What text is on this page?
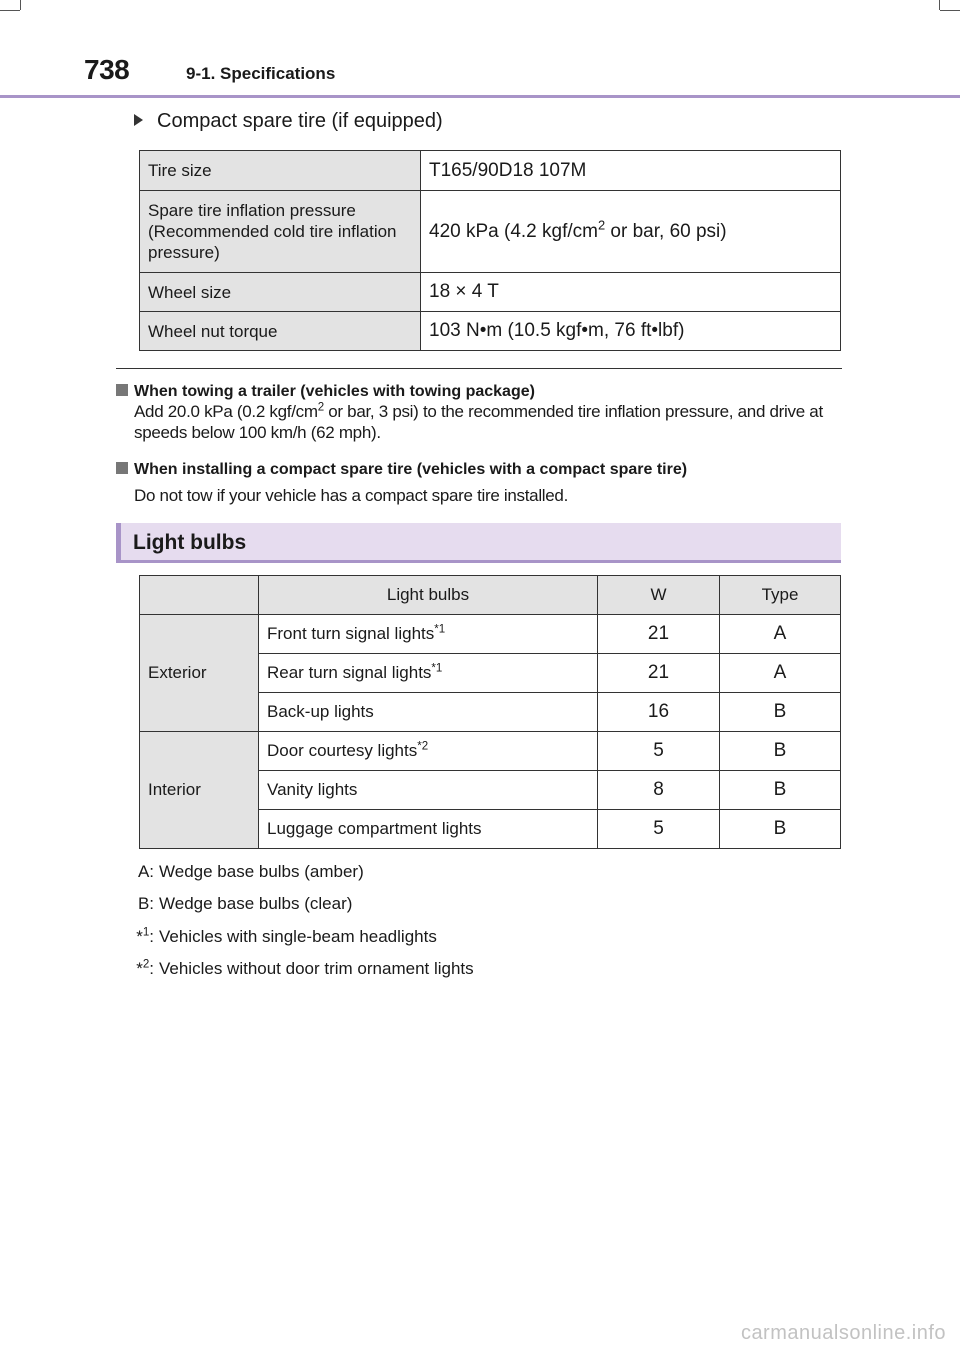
738	9-1. Specifications
Compact spare tire (if equipped)
Tire size	T165/90D18 107M
Spare tire inflation pressure (Recommended cold tire inflation pressure)	420 kPa (4.2 kgf/$cm^2$ or bar, 60 psi)
Wheel size	18 × 4 T
Wheel nut torque	103 N•m (10.5 kgf•m, 76 ft•lbf)
When towing a trailer (vehicles with towing package)
Add 20.0 kPa (0.2 kgf/$cm^2$ or bar, 3 psi) to the recommended tire inflation pressure, and drive at speeds below 100 km/h (62 mph).
When installing a compact spare tire (vehicles with a compact spare tire)
Do not tow if your vehicle has a compact spare tire installed.
Light bulbs
	Light bulbs	W	Type
Exterior	Front turn signal lights$^{*1}$	21	A
	Rear turn signal lights$^{*1}$	21	A
	Back-up lights	16	B
Interior	Door courtesy lights$^{*2}$	5	B
	Vanity lights	8	B
	Luggage compartment lights	5	B
A: Wedge base bulbs (amber)
B: Wedge base bulbs (clear)
*$^1$: Vehicles with single-beam headlights
*$^2$: Vehicles without door trim ornament lights
carmanualsonline.info
